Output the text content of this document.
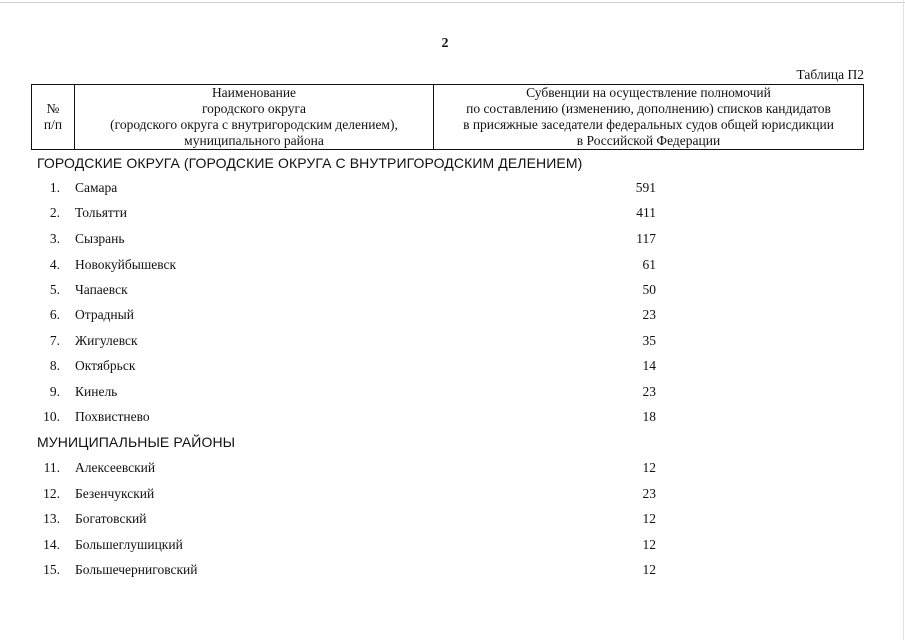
2
Таблица П2
№
п/п

Наименование
городского округа
(городского округа с внутригородским делением),
муниципального района

Субвенции на осуществление полномочий
по составлению (изменению, дополнению) списков кандидатов
в присяжные заседатели федеральных судов общей юрисдикции
в Российской Федерации
ГОРОДСКИЕ ОКРУГА (ГОРОДСКИЕ ОКРУГА С ВНУТРИГОРОДСКИМ ДЕЛЕНИЕМ)
1. Самара	591
2. Тольятти	411
3. Сызрань	117
4. Новокуйбышевск	61
5. Чапаевск	50
6. Отрадный	23
7. Жигулевск	35
8. Октябрьск	14
9. Кинель	23
10. Похвистнево	18
МУНИЦИПАЛЬНЫЕ РАЙОНЫ
11. Алексеевский	12
12. Безенчукский	23
13. Богатовский	12
14. Большеглушицкий	12
15. Большечерниговский	12
